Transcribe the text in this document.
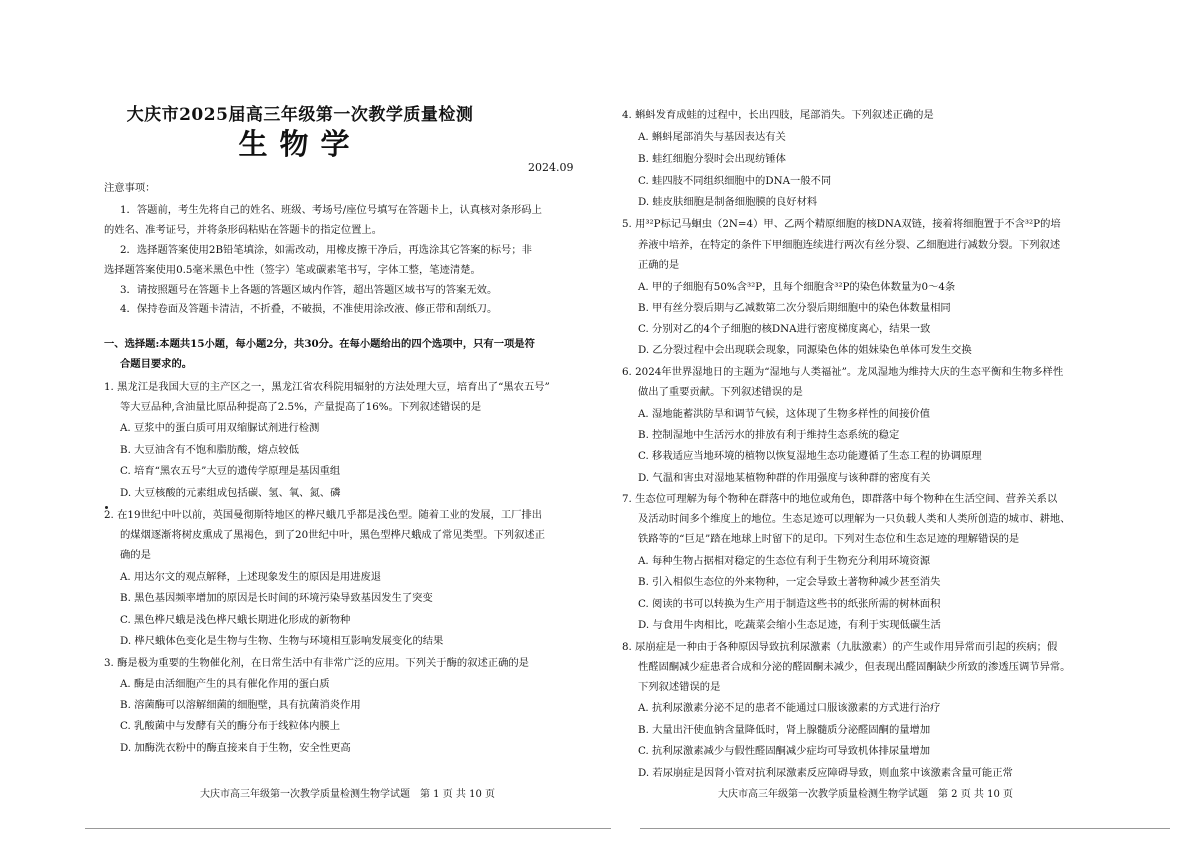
大庆市2025届高三年级第一次教学质量检测
生物学
2024.09
注意事项：
1．答题前，考生先将自己的姓名、班级、考场号/座位号填写在答题卡上，认真核对条形码上
的姓名、准考证号，并将条形码粘贴在答题卡的指定位置上。
2．选择题答案使用2B铅笔填涂，如需改动，用橡皮擦干净后，再选涂其它答案的标号；非
选择题答案使用0.5毫米黑色中性（签字）笔或碳素笔书写，字体工整，笔迹清楚。
3．请按照题号在答题卡上各题的答题区域内作答，超出答题区域书写的答案无效。
4．保持卷面及答题卡清洁，不折叠，不破损，不准使用涂改液、修正带和刮纸刀。
一、选择题:本题共15小题，每小题2分，共30分。在每小题给出的四个选项中，只有一项是符
合题目要求的。
1. 黑龙江是我国大豆的主产区之一，黑龙江省农科院用辐射的方法处理大豆，培育出了“黑农五号”
等大豆品种,含油量比原品种提高了2.5%，产量提高了16%。下列叙述错误的是
A. 豆浆中的蛋白质可用双缩脲试剂进行检测
B. 大豆油含有不饱和脂肪酸，熔点较低
C. 培育“黑农五号”大豆的遗传学原理是基因重组
D. 大豆核酸的元素组成包括碳、氢、氧、氮、磷
2. 在19世纪中叶以前，英国曼彻斯特地区的桦尺蛾几乎都是浅色型。随着工业的发展，工厂排出
的煤烟逐渐将树皮熏成了黑褐色，到了20世纪中叶，黑色型桦尺蛾成了常见类型。下列叙述正
确的是
A. 用达尔文的观点解释，上述现象发生的原因是用进废退
B. 黑色基因频率增加的原因是长时间的环境污染导致基因发生了突变
C. 黑色桦尺蛾是浅色桦尺蛾长期进化形成的新物种
D. 桦尺蛾体色变化是生物与生物、生物与环境相互影响发展变化的结果
3. 酶是极为重要的生物催化剂，在日常生活中有非常广泛的应用。下列关于酶的叙述正确的是
A. 酶是由活细胞产生的具有催化作用的蛋白质
B. 溶菌酶可以溶解细菌的细胞壁，具有抗菌消炎作用
C. 乳酸菌中与发酵有关的酶分布于线粒体内膜上
D. 加酶洗衣粉中的酶直接来自于生物，安全性更高
大庆市高三年级第一次教学质量检测生物学试题　第 1 页 共 10 页
4. 蝌蚪发育成蛙的过程中，长出四肢，尾部消失。下列叙述正确的是
A. 蝌蚪尾部消失与基因表达有关
B. 蛙红细胞分裂时会出现纺锤体
C. 蛙四肢不同组织细胞中的DNA一般不同
D. 蛙皮肤细胞是制备细胞膜的良好材料
5. 用³²P标记马蛔虫（2N=4）甲、乙两个精原细胞的核DNA双链，接着将细胞置于不含³²P的培
养液中培养，在特定的条件下甲细胞连续进行两次有丝分裂、乙细胞进行减数分裂。下列叙述
正确的是
A. 甲的子细胞有50%含³²P，且每个细胞含³²P的染色体数量为0～4条
B. 甲有丝分裂后期与乙减数第二次分裂后期细胞中的染色体数量相同
C. 分别对乙的4个子细胞的核DNA进行密度梯度离心，结果一致
D. 乙分裂过程中会出现联会现象，同源染色体的姐妹染色单体可发生交换
6. 2024年世界湿地日的主题为“湿地与人类福祉”。龙凤湿地为维持大庆的生态平衡和生物多样性
做出了重要贡献。下列叙述错误的是
A. 湿地能蓄洪防旱和调节气候，这体现了生物多样性的间接价值
B. 控制湿地中生活污水的排放有利于维持生态系统的稳定
C. 移栽适应当地环境的植物以恢复湿地生态功能遵循了生态工程的协调原理
D. 气温和害虫对湿地某植物种群的作用强度与该种群的密度有关
7. 生态位可理解为每个物种在群落中的地位或角色，即群落中每个物种在生活空间、营养关系以
及活动时间多个维度上的地位。生态足迹可以理解为一只负载人类和人类所创造的城市、耕地、
铁路等的“巨足”踏在地球上时留下的足印。下列对生态位和生态足迹的理解错误的是
A. 每种生物占据相对稳定的生态位有利于生物充分利用环境资源
B. 引入相似生态位的外来物种，一定会导致土著物种减少甚至消失
C. 阅读的书可以转换为生产用于制造这些书的纸张所需的树林面积
D. 与食用牛肉相比，吃蔬菜会缩小生态足迹，有利于实现低碳生活
8. 尿崩症是一种由于各种原因导致抗利尿激素（九肽激素）的产生或作用异常而引起的疾病；假
性醛固酮减少症患者合成和分泌的醛固酮未减少，但表现出醛固酮缺少所致的渗透压调节异常。
下列叙述错误的是
A. 抗利尿激素分泌不足的患者不能通过口服该激素的方式进行治疗
B. 大量出汗使血钠含量降低时，肾上腺髓质分泌醛固酮的量增加
C. 抗利尿激素减少与假性醛固酮减少症均可导致机体排尿量增加
D. 若尿崩症是因肾小管对抗利尿激素反应障碍导致，则血浆中该激素含量可能正常
大庆市高三年级第一次教学质量检测生物学试题　第 2 页 共 10 页
